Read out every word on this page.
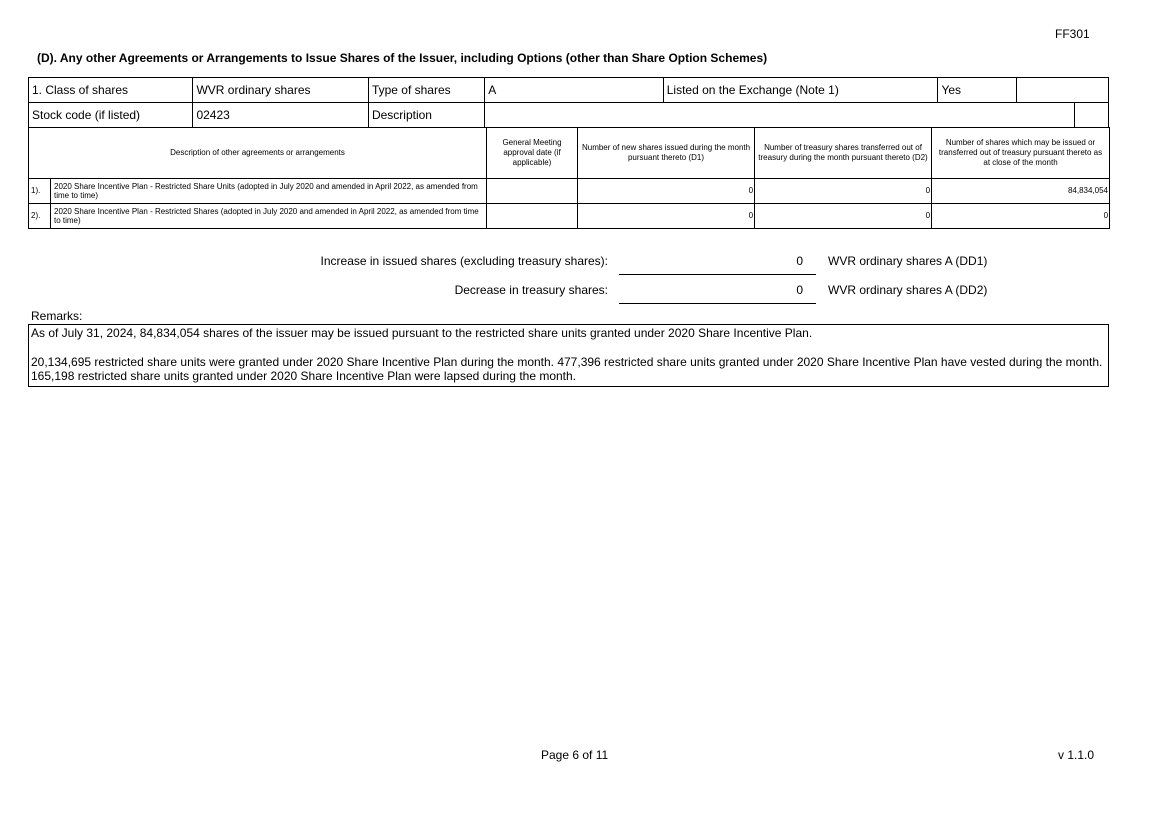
FF301
(D). Any other Agreements or Arrangements to Issue Shares of the Issuer, including Options (other than Share Option Schemes)
1. Class of shares	WVR ordinary shares	Type of shares	A	Listed on the Exchange (Note 1)	Yes		
Stock code (if listed)	02423	Description					
Description of other agreements or arrangements		General Meeting approval date (if applicable)	Number of new shares issued during the month pursuant thereto (D1)	Number of treasury shares transferred out of treasury during the month pursuant thereto (D2)	Number of shares which may be issued or transferred out of treasury pursuant thereto as at close of the month
1).	2020 Share Incentive Plan - Restricted Share Units (adopted in July 2020 and amended in April 2022, as amended from time to time)		0	0	84,834,054
2).	2020 Share Incentive Plan - Restricted Shares (adopted in July 2020 and amended in April 2022, as amended from time to time)		0	0	0
Increase in issued shares (excluding treasury shares):	0 WVR ordinary shares A (DD1)
Decrease in treasury shares:	0 WVR ordinary shares A (DD2)
Remarks:

As of July 31, 2024, 84,834,054 shares of the issuer may be issued pursuant to the restricted share units granted under 2020 Share Incentive Plan.

20,134,695 restricted share units were granted under 2020 Share Incentive Plan during the month. 477,396 restricted share units granted under 2020 Share Incentive Plan have vested during the month. 165,198 restricted share units granted under 2020 Share Incentive Plan were lapsed during the month.

Page 6 of 11	v 1.1.0
